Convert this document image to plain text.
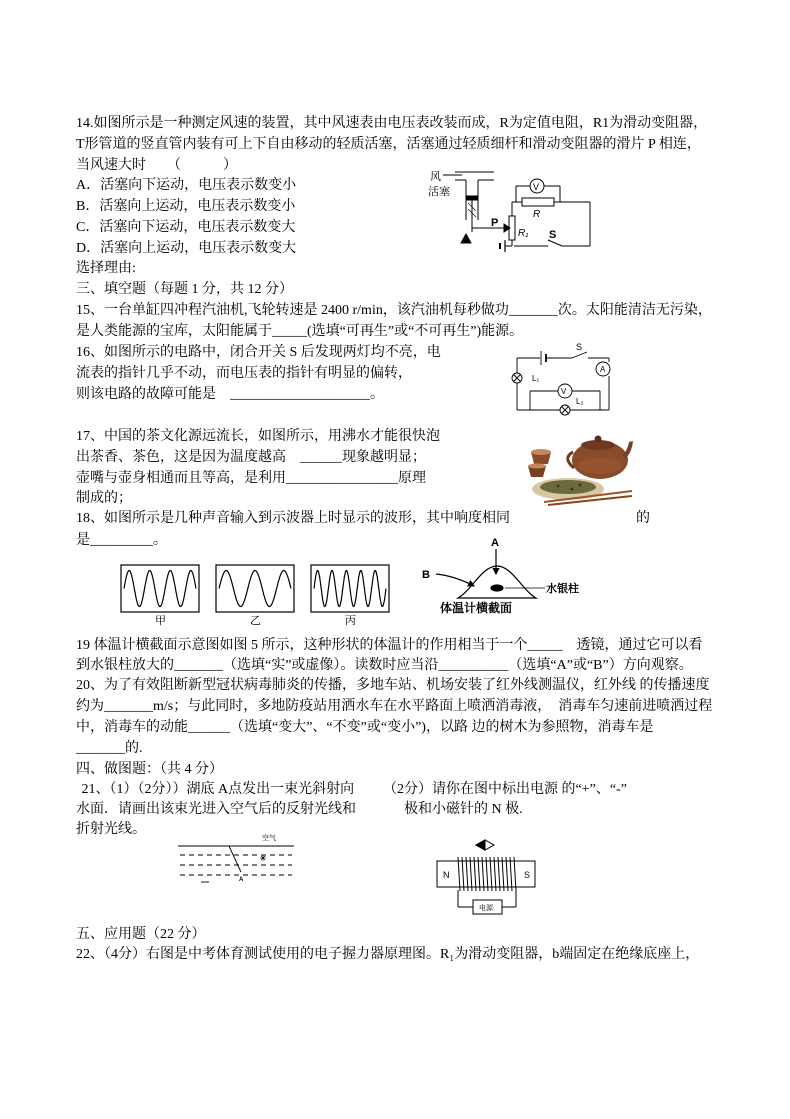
风
活塞
P
R₁
R
V
S
S
L₁
A
V
L₂
甲	乙	丙
A
B
水银柱
体温计横截面
空气
A	N	S
电源
14.如图所示是一种测定风速的装置，其中风速表由电压表改装而成，R为定值电阻，R1为滑动变阻器，
T形管道的竖直管内装有可上下自由移动的轻质活塞，活塞通过轻质细杆和滑动变阻器的滑片 P 相连，
当风速大时　　（　　　）
A．活塞向下运动，电压表示数变小
B．活塞向上运动，电压表示数变小
C．活塞向下运动，电压表示数变大
D．活塞向上运动，电压表示数变大
选择理由:
三、填空题（每题 1 分，共 12 分）
15、一台单缸四冲程汽油机,飞轮转速是 2400 r/min，该汽油机每秒做功_______次。太阳能清洁无污染，
是人类能源的宝库，太阳能属于_____(选填“可再生”或“不可再生”)能源。
16、如图所示的电路中，闭合开关 S 后发现两灯均不亮，电
流表的指针几乎不动，而电压表的指针有明显的偏转，
则该电路的故障可能是　____________________。
17、中国的茶文化源远流长，如图所示，用沸水才能很快泡
出茶香、茶色，这是因为温度越高　______现象越明显；
壶嘴与壶身相通而且等高，是利用________________原理
制成的；
18、如图所示是几种声音输入到示波器上时显示的波形，其中响度相同　　　　　　　　　的
是_________。
19 体温计横截面示意图如图 5 所示，这种形状的体温计的作用相当于一个_____　透镜，通过它可以看
到水银柱放大的_______（选填“实”或虚像）。读数时应当沿__________（选填“A”或“B”）方向观察。
20、为了有效阻断新型冠状病毒肺炎的传播，多地车站、机场安装了红外线测温仪，红外线 的传播速度
约为_______m/s；与此同时，多地防疫站用洒水车在水平路面上喷洒消毒液，　消毒车匀速前进喷洒过程
中，消毒车的动能______（选填“变大”、“不变”或“变小”)，以路 边的树木为参照物，消毒车是
_______的.
四、做图题：（共 4 分）
21、（1）（2分））湖底 A点发出一束光斜射向 （2分）请你在图中标出电源 的“+”、“-”
水面．请画出该束光进入空气后的反射光线和	极和小磁针的 N 极.
折射光线。
五、应用题（22 分）
22、（4分）右图是中考体育测试使用的电子握力器原理图。R₁为滑动变阻器，b端固定在绝缘底座上，
